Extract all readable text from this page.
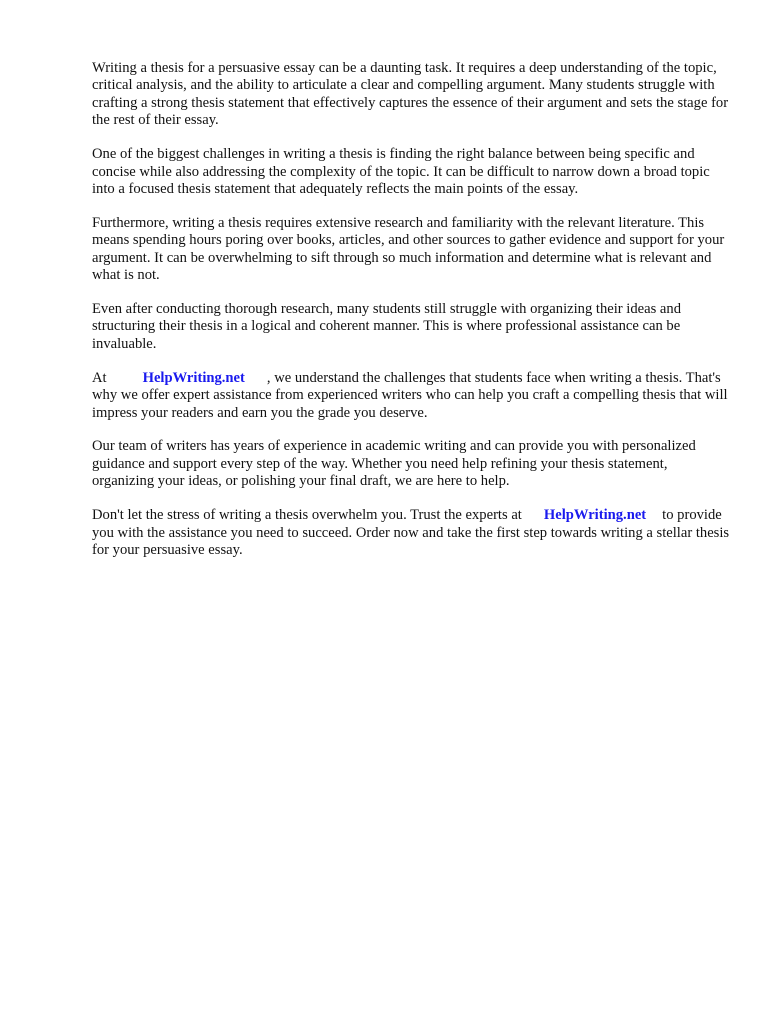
Writing a thesis for a persuasive essay can be a daunting task. It requires a deep understanding of the topic, critical analysis, and the ability to articulate a clear and compelling argument. Many students struggle with crafting a strong thesis statement that effectively captures the essence of their argument and sets the stage for the rest of their essay.

One of the biggest challenges in writing a thesis is finding the right balance between being specific and concise while also addressing the complexity of the topic. It can be difficult to narrow down a broad topic into a focused thesis statement that adequately reflects the main points of the essay.

Furthermore, writing a thesis requires extensive research and familiarity with the relevant literature. This means spending hours poring over books, articles, and other sources to gather evidence and support for your argument. It can be overwhelming to sift through so much information and determine what is relevant and what is not.

Even after conducting thorough research, many students still struggle with organizing their ideas and structuring their thesis in a logical and coherent manner. This is where professional assistance can be invaluable.

At HelpWriting.net , we understand the challenges that students face when writing a thesis. That's why we offer expert assistance from experienced writers who can help you craft a compelling thesis that will impress your readers and earn you the grade you deserve.

Our team of writers has years of experience in academic writing and can provide you with personalized guidance and support every step of the way. Whether you need help refining your thesis statement, organizing your ideas, or polishing your final draft, we are here to help.

Don't let the stress of writing a thesis overwhelm you. Trust the experts at HelpWriting.net to provide you with the assistance you need to succeed. Order now and take the first step towards writing a stellar thesis for your persuasive essay.
